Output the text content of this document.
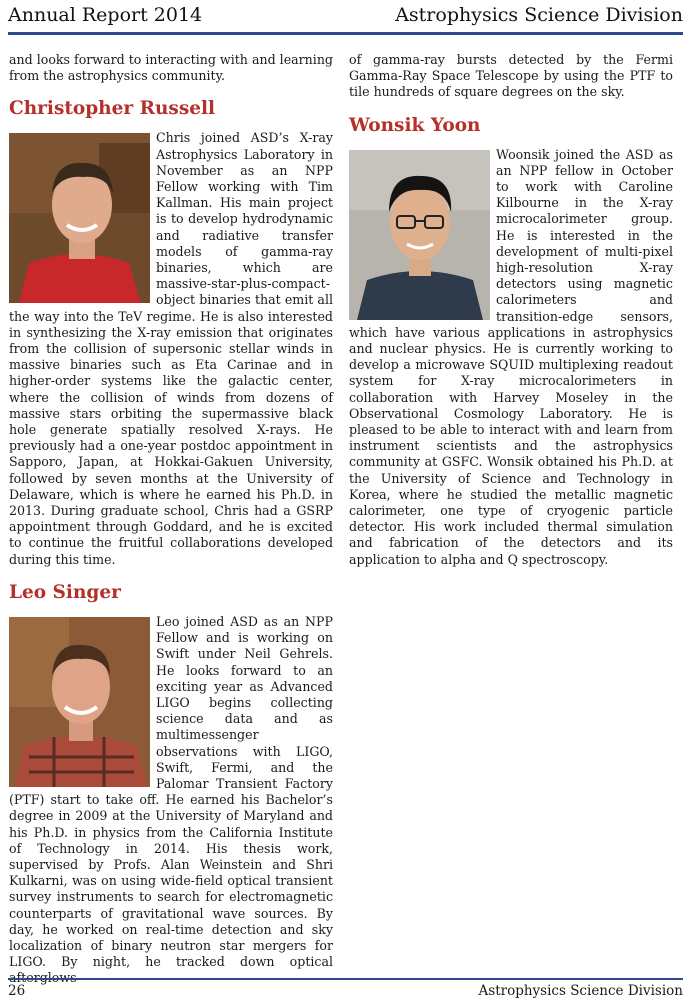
Annual Report 2014	Astrophysics Science Division

and looks forward to interacting with and learning from the astrophysics community.

Christopher Russell

Chris joined ASD’s X-ray Astrophysics Laboratory in November as an NPP Fellow working with Tim Kallman. His main project is to develop hydrodynamic and radiative transfer models of gamma-ray binaries, which are massive-star-plus-compact-object binaries that emit all the way into the TeV regime. He is also interested in synthesizing the X-ray emission that originates from the collision of supersonic stellar winds in massive binaries such as Eta Carinae and in higher-order systems like the galactic center, where the collision of winds from dozens of massive stars orbiting the supermassive black hole generate spatially resolved X-rays. He previously had a one-year postdoc appointment in Sapporo, Japan, at Hokkai-Gakuen University, followed by seven months at the University of Delaware, which is where he earned his Ph.D. in 2013. During graduate school, Chris had a GSRP appointment through Goddard, and he is excited to continue the fruitful collaborations developed during this time.

Leo Singer

Leo joined ASD as an NPP Fellow and is working on Swift under Neil Gehrels. He looks forward to an exciting year as Advanced LIGO begins collecting science data and as multimessenger observations with LIGO, Swift, Fermi, and the Palomar Transient Factory (PTF) start to take off. He earned his Bachelor’s degree in 2009 at the University of Maryland and his Ph.D. in physics from the California Institute of Technology in 2014. His thesis work, supervised by Profs. Alan Weinstein and Shri Kulkarni, was on using wide-field optical transient survey instruments to search for electromagnetic counterparts of gravitational wave sources. By day, he worked on real-time detection and sky localization of binary neutron star mergers for LIGO. By night, he tracked down optical

of gamma-ray bursts detected by the Fermi Gamma-Ray Space Telescope by using the PTF to tile hundreds of square degrees on the sky.

Wonsik Yoon

Woonsik joined the ASD as an NPP fellow in October to work with Caroline Kilbourne in the X-ray microcalorimeter group. He is interested in the development of multi-pixel high-resolution X-ray detectors using magnetic calorimeters and transition-edge sensors, which have various applications in astrophysics and nuclear physics. He is currently working to develop a microwave SQUID multiplexing readout system for X-ray microcalorimeters in collaboration with Harvey Moseley in the Observational Cosmology Laboratory. He is pleased to be able to interact with and learn from instrument scientists and the astrophysics community at GSFC. Wonsik obtained his Ph.D. at the University of Science and Technology in Korea, where he studied the metallic magnetic calorimeter, one type of cryogenic particle detector. His work included thermal simulation and fabrication of the detectors and its application to alpha and Q spectroscopy.

26	Astrophysics Science Division
